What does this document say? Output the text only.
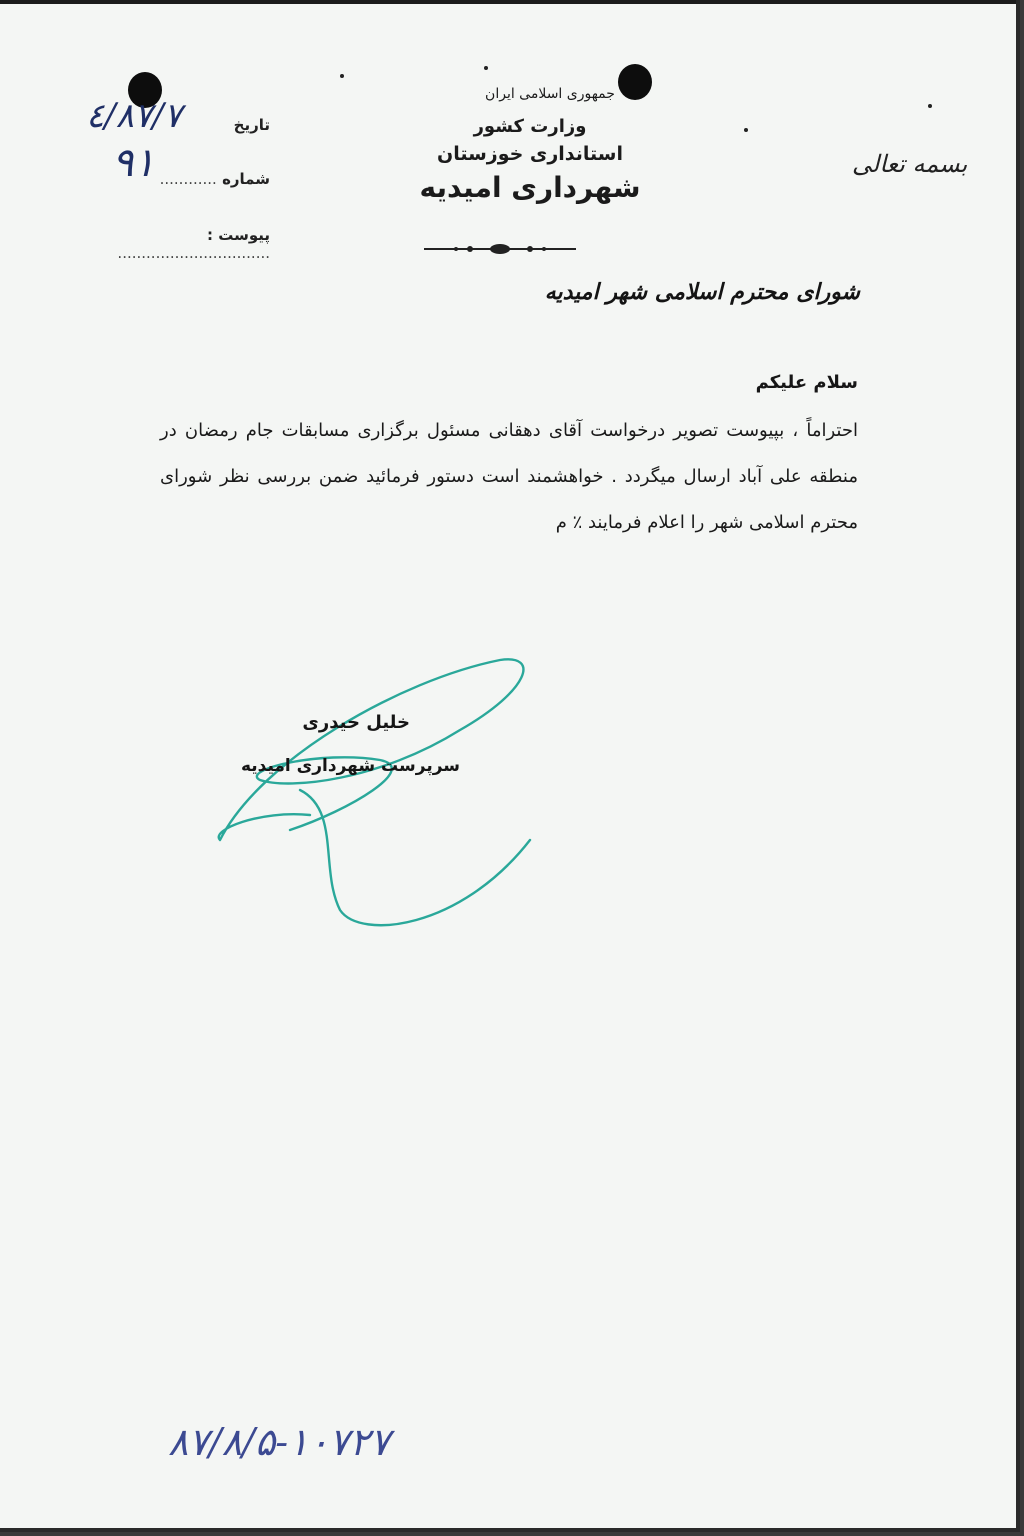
بسمه تعالی
جمهوری اسلامی ایران
وزارت کشور
استانداری خوزستان
شهرداری امیدیه
۸۷/۷/٤
۹۱
تاریخ
شماره ............
پیوست : ................................
شورای محترم اسلامی شهر امیدیه
سلام علیکم

احتراماً ، بپیوست تصویر درخواست آقای دهقانی مسئول برگزاری مسابقات جام رمضان در منطقه علی آباد ارسال میگردد . خواهشمند است دستور فرمائید ضمن بررسی نظر شورای محترم اسلامی شهر را اعلام فرمایند ٪ م

خلیل حیدری
سرپرست شهرداری امیدیه
۸۷/۸/۵-۱۰۷۲۷
